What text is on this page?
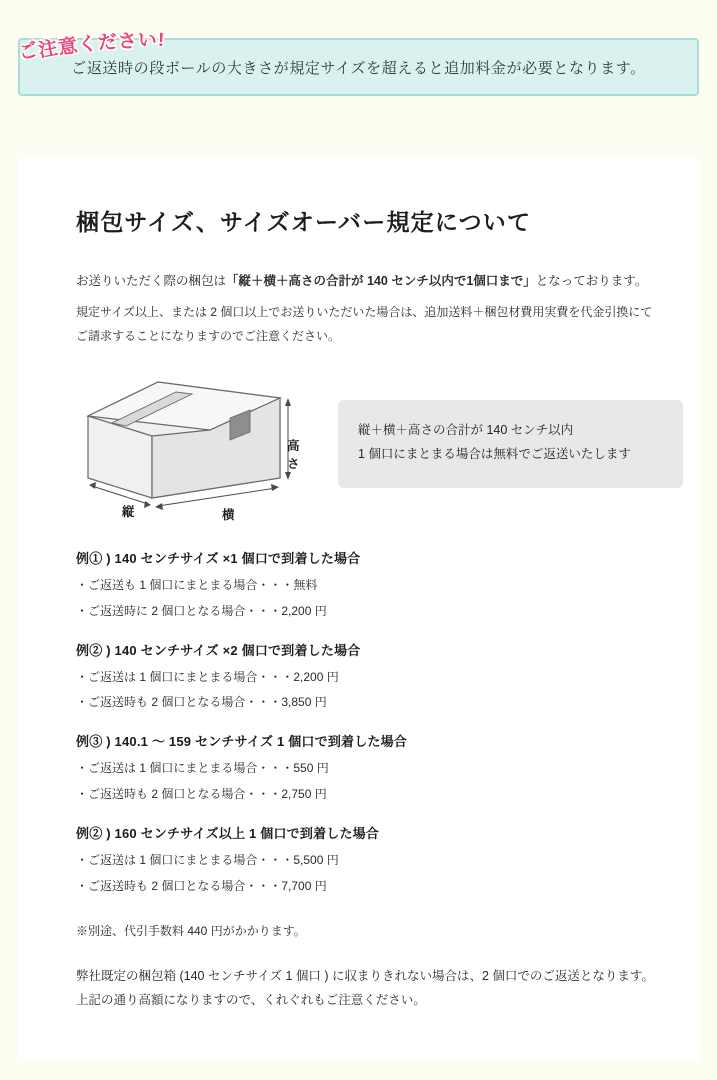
ご注意ください!
ご返送時の段ボールの大きさが規定サイズを超えると追加料金が必要となります。
梱包サイズ、サイズオーバー規定について

お送りいただく際の梱包は「縦＋横＋高さの合計が 140 センチ以内で1個口まで」となっております。

規定サイズ以上、または 2 個口以上でお送りいただいた場合は、追加送料＋梱包材費用実費を代金引換にてご請求することになりますのでご注意ください。

高さ
縦	横
縦＋横＋高さの合計が 140 センチ以内
1 個口にまとまる場合は無料でご返送いたします

例① ) 140 センチサイズ ×1 個口で到着した場合

・ご返送も 1 個口にまとまる場合・・・無料

・ご返送時に 2 個口となる場合・・・2,200 円

例② ) 140 センチサイズ ×2 個口で到着した場合

・ご返送は 1 個口にまとまる場合・・・2,200 円

・ご返送時も 2 個口となる場合・・・3,850 円

例③ ) 140.1 〜 159 センチサイズ 1 個口で到着した場合

・ご返送は 1 個口にまとまる場合・・・550 円

・ご返送時も 2 個口となる場合・・・2,750 円

例② ) 160 センチサイズ以上 1 個口で到着した場合

・ご返送は 1 個口にまとまる場合・・・5,500 円

・ご返送時も 2 個口となる場合・・・7,700 円

※別途、代引手数料 440 円がかかります。

弊社既定の梱包箱 (140 センチサイズ 1 個口 ) に収まりきれない場合は、2 個口でのご返送となります。

上記の通り高額になりますので、くれぐれもご注意ください。
